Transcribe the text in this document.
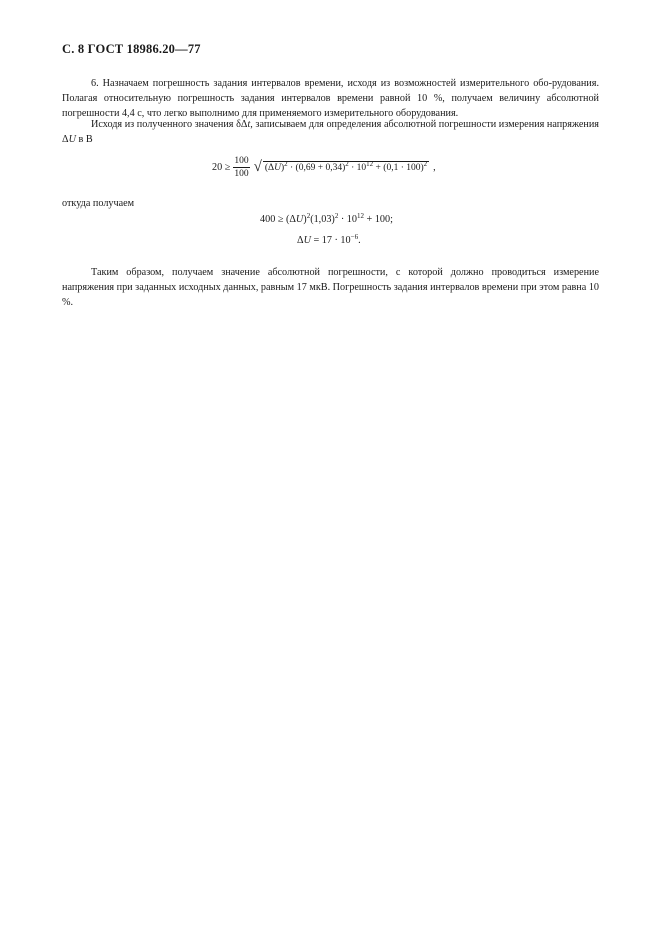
С. 8 ГОСТ 18986.20—77

6. Назначаем погрешность задания интервалов времени, исходя из возможностей измерительного обо-рудования. Полагая относительную погрешность задания интервалов времени равной 10 %, получаем величину абсолютной погрешности 4,4 с, что легко выполнимо для применяемого измерительного оборудования.

Исходя из полученного значения δΔt, записываем для определения абсолютной погрешности измерения напряжения ΔU в В

$20 \ge \frac{100}{100}$ √ $(\Delta U)^2 \cdot (0,69 + 0,34)^2 \cdot 10^{12} + (0,1 \cdot 100)^2$ ,
откуда получаем
$400 \ge (\Delta U)^2(1,03)^2 \cdot 10^{12} + 100$;
$\Delta U = 17 \cdot 10^{-6}$.

Таким образом, получаем значение абсолютной погрешности, с которой должно проводиться измерение напряжения при заданных исходных данных, равным 17 мкВ. Погрешность задания интервалов времени при этом равна 10 %.
